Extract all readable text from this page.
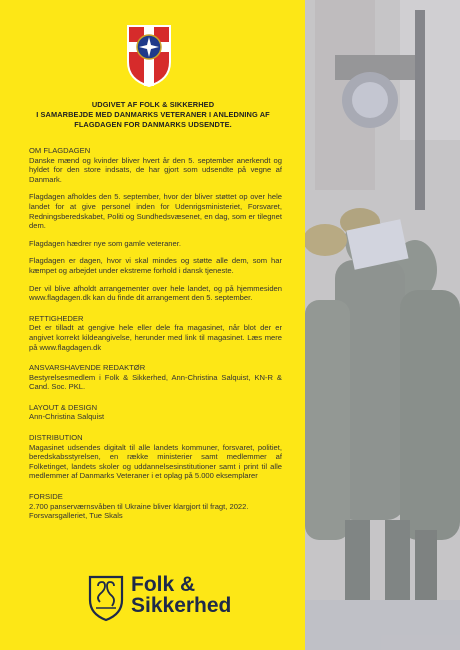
UDGIVET AF FOLK & SIKKERHED
I SAMARBEJDE MED DANMARKS VETERANER I ANLEDNING AF
FLAGDAGEN FOR DANMARKS UDSENDTE.
OM FLAGDAGEN
Danske mænd og kvinder bliver hvert år den 5. september anerkendt og hyldet for den store indsats, de har gjort som udsendte på vegne af Danmark.
Flagdagen afholdes den 5. september, hvor der bliver støttet op over hele landet for at give personel inden for Udenrigsministeriet, Forsvaret, Redningsberedskabet, Politi og Sundhedsvæsenet, en dag, som er tilegnet dem.
Flagdagen hædrer nye som gamle veteraner.
Flagdagen er dagen, hvor vi skal mindes og støtte alle dem, som har kæmpet og arbejdet under ekstreme forhold i dansk tjeneste.
Der vil blive afholdt arrangementer over hele landet, og på hjemmesiden www.flagdagen.dk kan du finde dit arrangement den 5. september.
RETTIGHEDER
Det er tilladt at gengive hele eller dele fra magasinet, når blot der er angivet korrekt kildeangivelse, herunder med link til magasinet. Læs mere på www.flagdagen.dk
ANSVARSHAVENDE REDAKTØR
Bestyrelsesmedlem i Folk & Sikkerhed, Ann-Christina Salquist, KN-R & Cand. Soc. PKL.
LAYOUT & DESIGN
Ann-Christina Salquist
DISTRIBUTION
Magasinet udsendes digitalt til alle landets kommuner, forsvaret, politiet, beredskabsstyrelsen, en række ministerier samt medlemmer af Folketinget, landets skoler og uddannelsesinstitutioner samt i print til alle medlemmer af Danmarks Veteraner i et oplag på 5.000 eksemplarer
FORSIDE
2.700 panserværnsvåben til Ukraine bliver klargjort til fragt, 2022. Forsvarsgalleriet, Tue Skals
Folk &
Sikkerhed
